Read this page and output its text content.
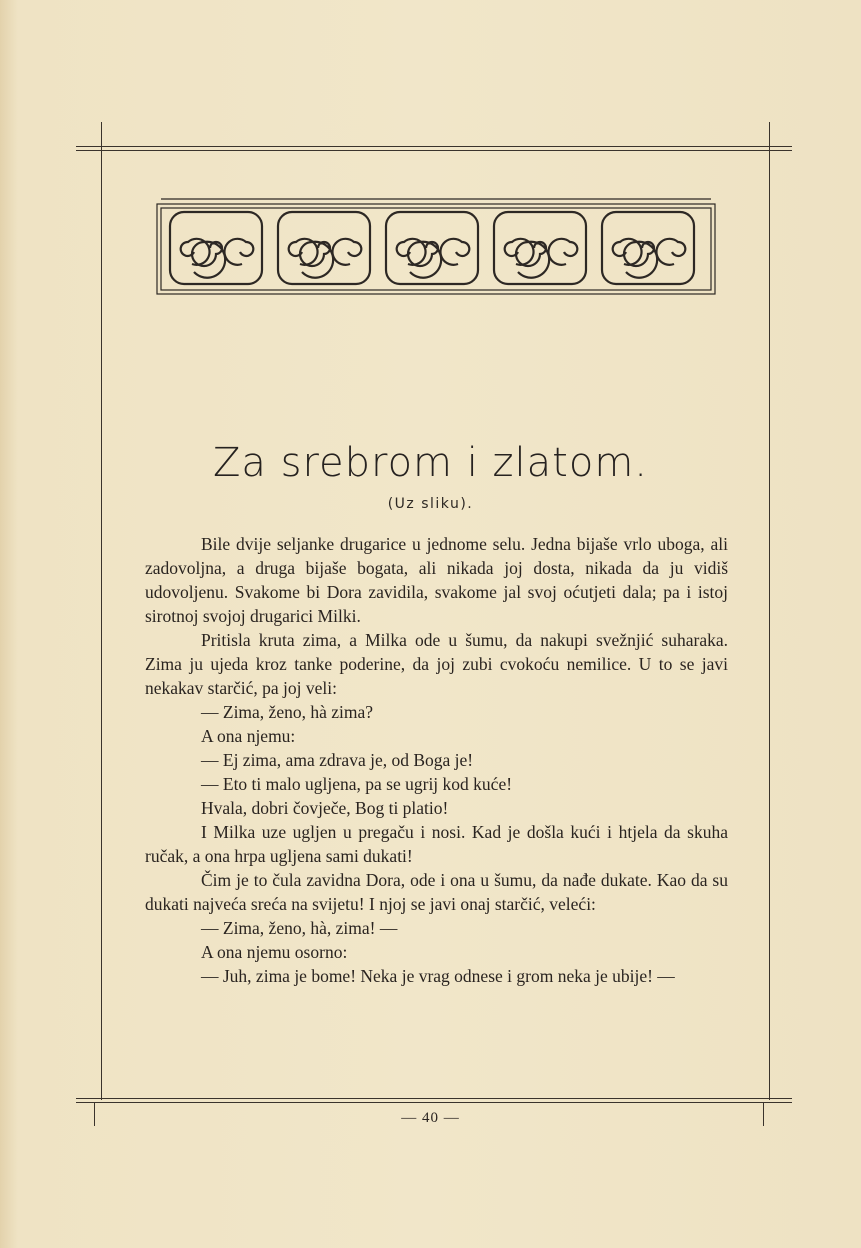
Za srebrom i zlatom.
(Uz sliku).

Bile dvije seljanke drugarice u jednome selu. Jedna bijaše vrlo uboga, ali zadovoljna, a druga bijaše bogata, ali nikada joj dosta, nikada da ju vidiš udovoljenu. Svakome bi Dora zavidila, svakome jal svoj oćutjeti dala; pa i istoj sirotnoj svojoj drugarici Milki.

Pritisla kruta zima, a Milka ode u šumu, da nakupi svežnjić suharaka. Zima ju ujeda kroz tanke poderine, da joj zubi cvokoću nemilice. U to se javi nekakav starčić, pa joj veli:

— Zima, ženo, hà zima?

A ona njemu:

— Ej zima, ama zdrava je, od Boga je!

— Eto ti malo ugljena, pa se ugrij kod kuće!

Hvala, dobri čovječe, Bog ti platio!

I Milka uze ugljen u pregaču i nosi. Kad je došla kući i htjela da skuha ručak, a ona hrpa ugljena sami dukati!

Čim je to čula zavidna Dora, ode i ona u šumu, da nađe dukate. Kao da su dukati najveća sreća na svijetu! I njoj se javi onaj starčić, veleći:

— Zima, ženo, hà, zima! —

A ona njemu osorno:

— Juh, zima je bome! Neka je vrag odnese i grom neka je ubije! —

— 40 —
